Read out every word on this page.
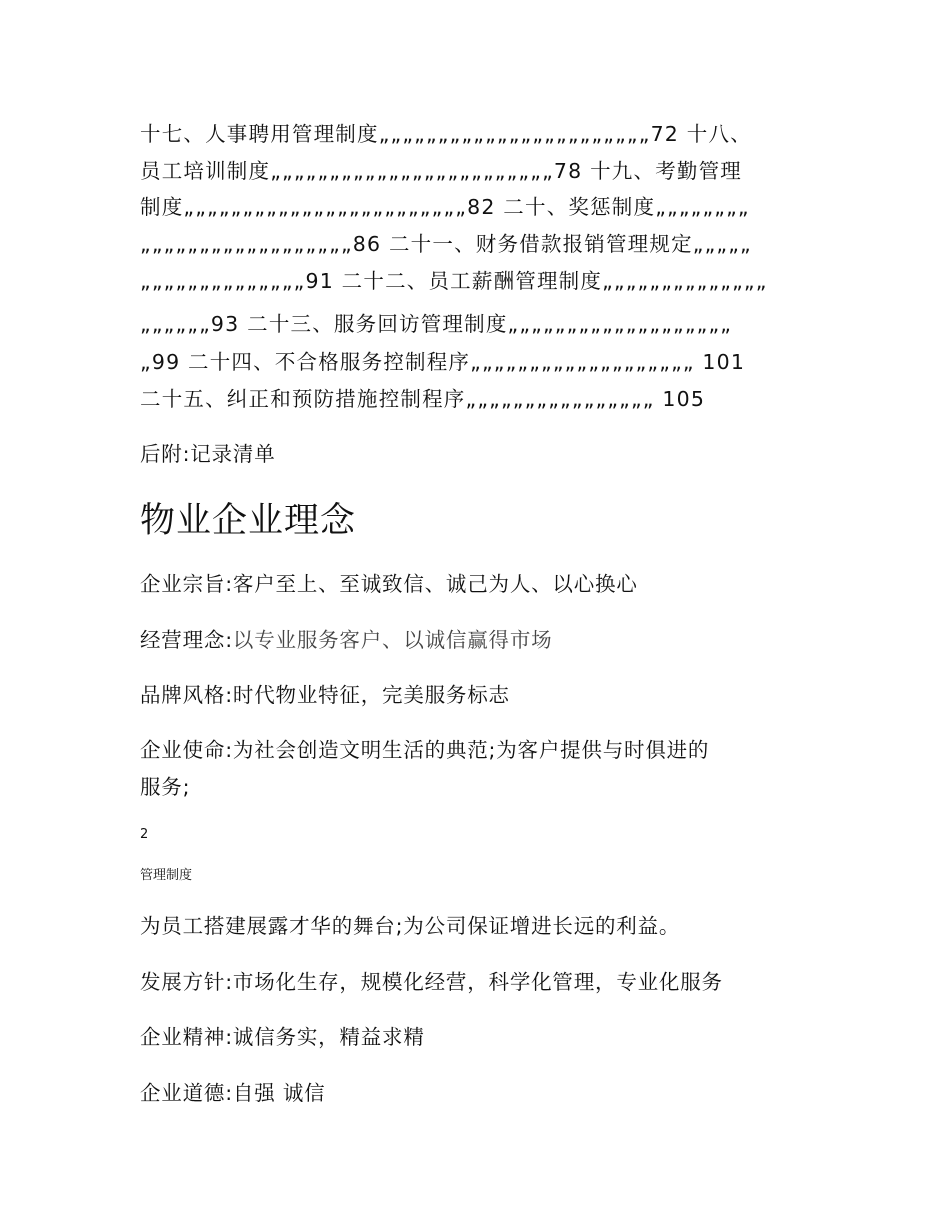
十七、人事聘用管理制度„„„„„„„„„„„„„„„„„„„„„„„72 十八、
员工培训制度„„„„„„„„„„„„„„„„„„„„„„„„78 十九、考勤管理
制度„„„„„„„„„„„„„„„„„„„„„„„„82 二十、奖惩制度„„„„„„„„
„„„„„„„„„„„„„„„„„„86 二十一、财务借款报销管理规定„„„„„
„„„„„„„„„„„„„„91 二十二、员工薪酬管理制度„„„„„„„„„„„„„„
„„„„„„93 二十三、服务回访管理制度„„„„„„„„„„„„„„„„„„„
„99 二十四、不合格服务控制程序„„„„„„„„„„„„„„„„„„„ 101
二十五、纠正和预防措施控制程序„„„„„„„„„„„„„„„„ 105
后附:记录清单
物业企业理念
企业宗旨:客户至上、至诚致信、诚己为人、以心换心
经营理念:以专业服务客户、以诚信赢得市场
品牌风格:时代物业特征，完美服务标志
企业使命:为社会创造文明生活的典范;为客户提供与时俱进的
服务;
2
管理制度
为员工搭建展露才华的舞台;为公司保证增进长远的利益。
发展方针:市场化生存，规模化经营，科学化管理，专业化服务
企业精神:诚信务实，精益求精
企业道德:自强 诚信
